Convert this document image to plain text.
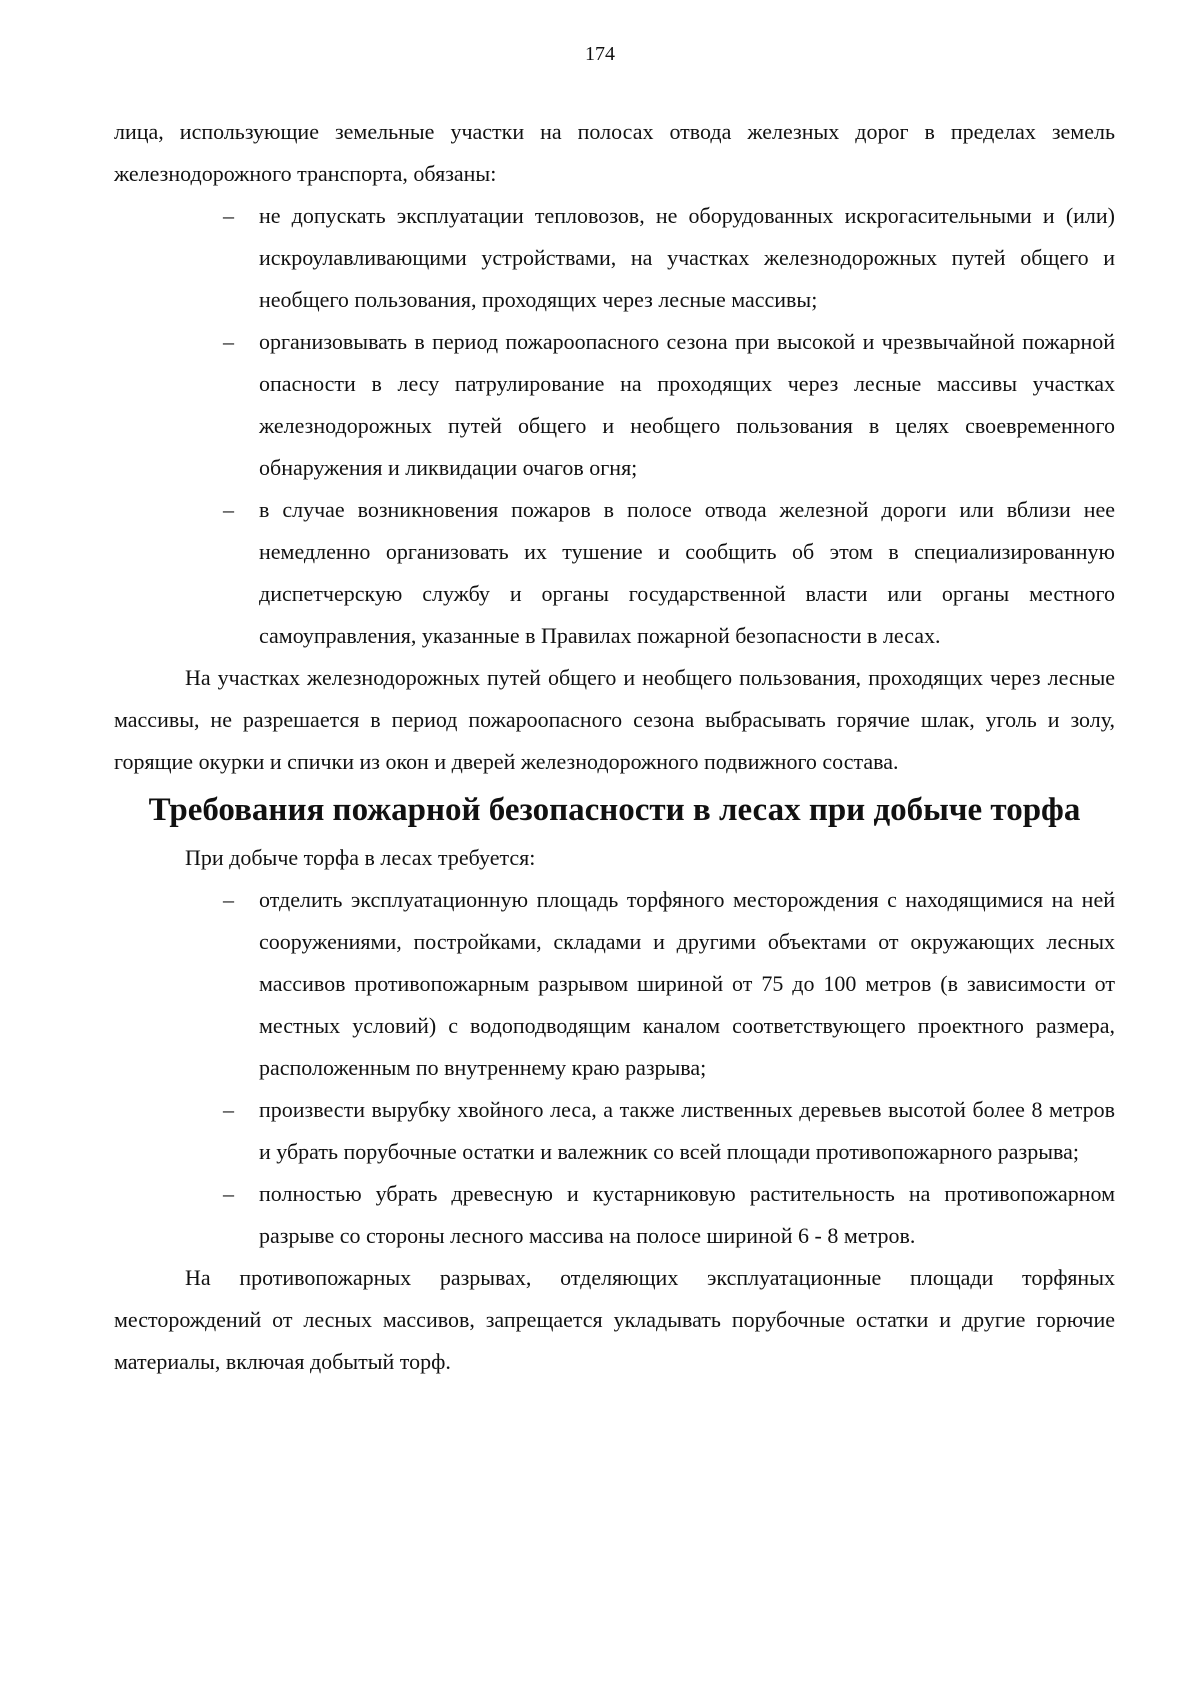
174

лица, использующие земельные участки на полосах отвода железных дорог в пределах земель железнодорожного транспорта, обязаны:

– не допускать эксплуатации тепловозов, не оборудованных искрогасительными и (или) искроулавливающими устройствами, на участках железнодорожных путей общего и необщего пользования, проходящих через лесные массивы;
– организовывать в период пожароопасного сезона при высокой и чрезвычайной пожарной опасности в лесу патрулирование на проходящих через лесные массивы участках железнодорожных путей общего и необщего пользования в целях своевременного обнаружения и ликвидации очагов огня;
– в случае возникновения пожаров в полосе отвода железной дороги или вблизи нее немедленно организовать их тушение и сообщить об этом в специализированную диспетчерскую службу и органы государственной власти или органы местного самоуправления, указанные в Правилах пожарной безопасности в лесах.

На участках железнодорожных путей общего и необщего пользования, проходящих через лесные массивы, не разрешается в период пожароопасного сезона выбрасывать горячие шлак, уголь и золу, горящие окурки и спички из окон и дверей железнодорожного подвижного состава.

Требования пожарной безопасности в лесах при добыче торфа

При добыче торфа в лесах требуется:

– отделить эксплуатационную площадь торфяного месторождения с находящимися на ней сооружениями, постройками, складами и другими объектами от окружающих лесных массивов противопожарным разрывом шириной от 75 до 100 метров (в зависимости от местных условий) с водоподводящим каналом соответствующего проектного размера, расположенным по внутреннему краю разрыва;
– произвести вырубку хвойного леса, а также лиственных деревьев высотой более 8 метров и убрать порубочные остатки и валежник со всей площади противопожарного разрыва;
– полностью убрать древесную и кустарниковую растительность на противопожарном разрыве со стороны лесного массива на полосе шириной 6 - 8 метров.

На противопожарных разрывах, отделяющих эксплуатационные площади торфяных месторождений от лесных массивов, запрещается укладывать порубочные остатки и другие горючие материалы, включая добытый торф.
